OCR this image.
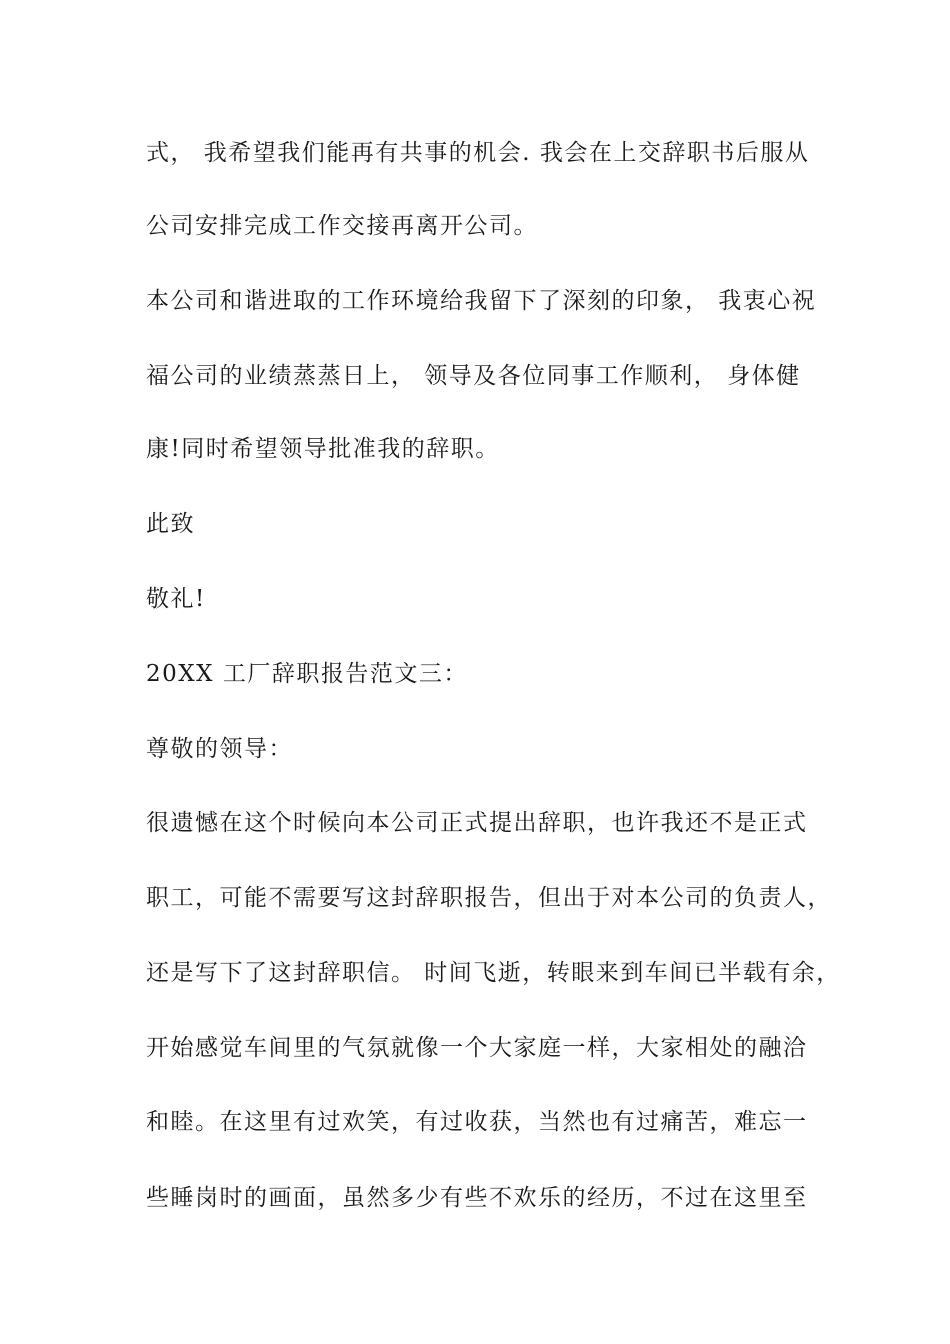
式， 我希望我们能再有共事的机会. 我会在上交辞职书后服从
公司安排完成工作交接再离开公司。
本公司和谐进取的工作环境给我留下了深刻的印象， 我衷心祝
福公司的业绩蒸蒸日上， 领导及各位同事工作顺利， 身体健
康!同时希望领导批准我的辞职。
此致
敬礼!
20XX 工厂辞职报告范文三：
尊敬的领导：
很遗憾在这个时候向本公司正式提出辞职，也许我还不是正式
职工，可能不需要写这封辞职报告，但出于对本公司的负责人，
还是写下了这封辞职信。 时间飞逝，转眼来到车间已半载有余，
开始感觉车间里的气氛就像一个大家庭一样，大家相处的融洽
和睦。在这里有过欢笑，有过收获，当然也有过痛苦，难忘一
些睡岗时的画面，虽然多少有些不欢乐的经历，不过在这里至
